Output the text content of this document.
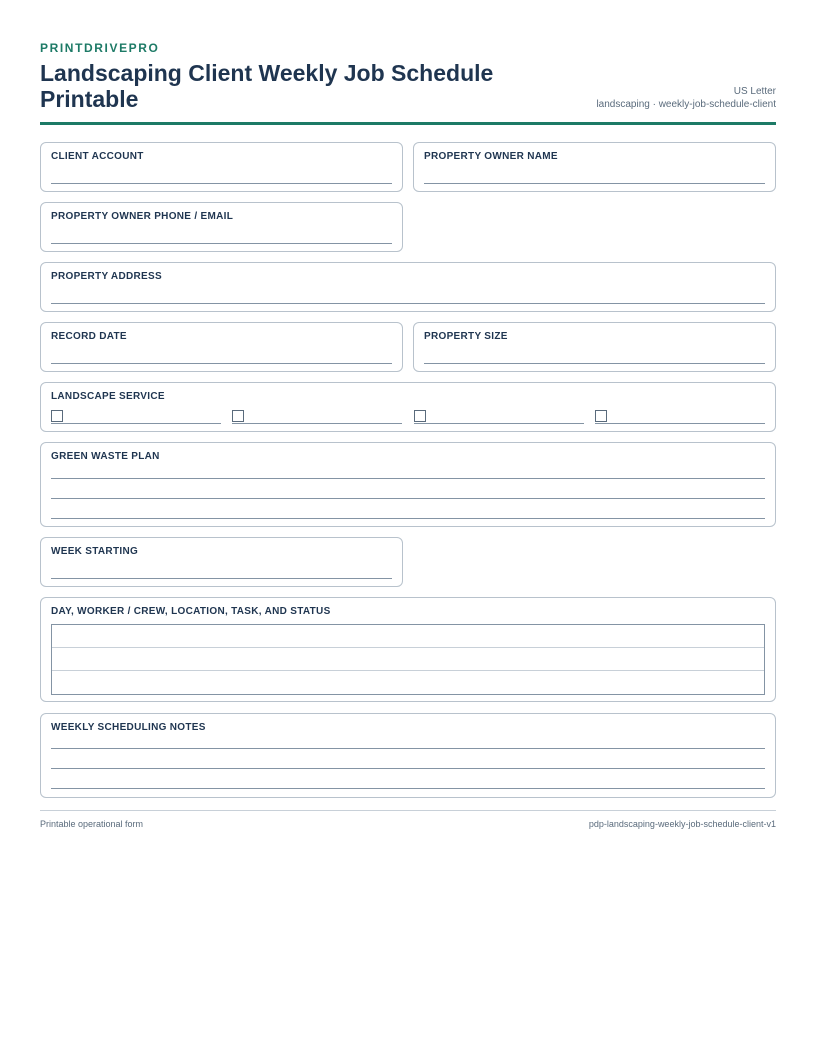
PRINTDRIVEPRO
Landscaping Client Weekly Job Schedule Printable	US Letter
landscaping · weekly-job-schedule-client
CLIENT ACCOUNT	PROPERTY OWNER NAME
PROPERTY OWNER PHONE / EMAIL
PROPERTY ADDRESS
RECORD DATE	PROPERTY SIZE
LANDSCAPE SERVICE
GREEN WASTE PLAN
WEEK STARTING
DAY, WORKER / CREW, LOCATION, TASK, AND STATUS
WEEKLY SCHEDULING NOTES
Printable operational form	pdp-landscaping-weekly-job-schedule-client-v1
